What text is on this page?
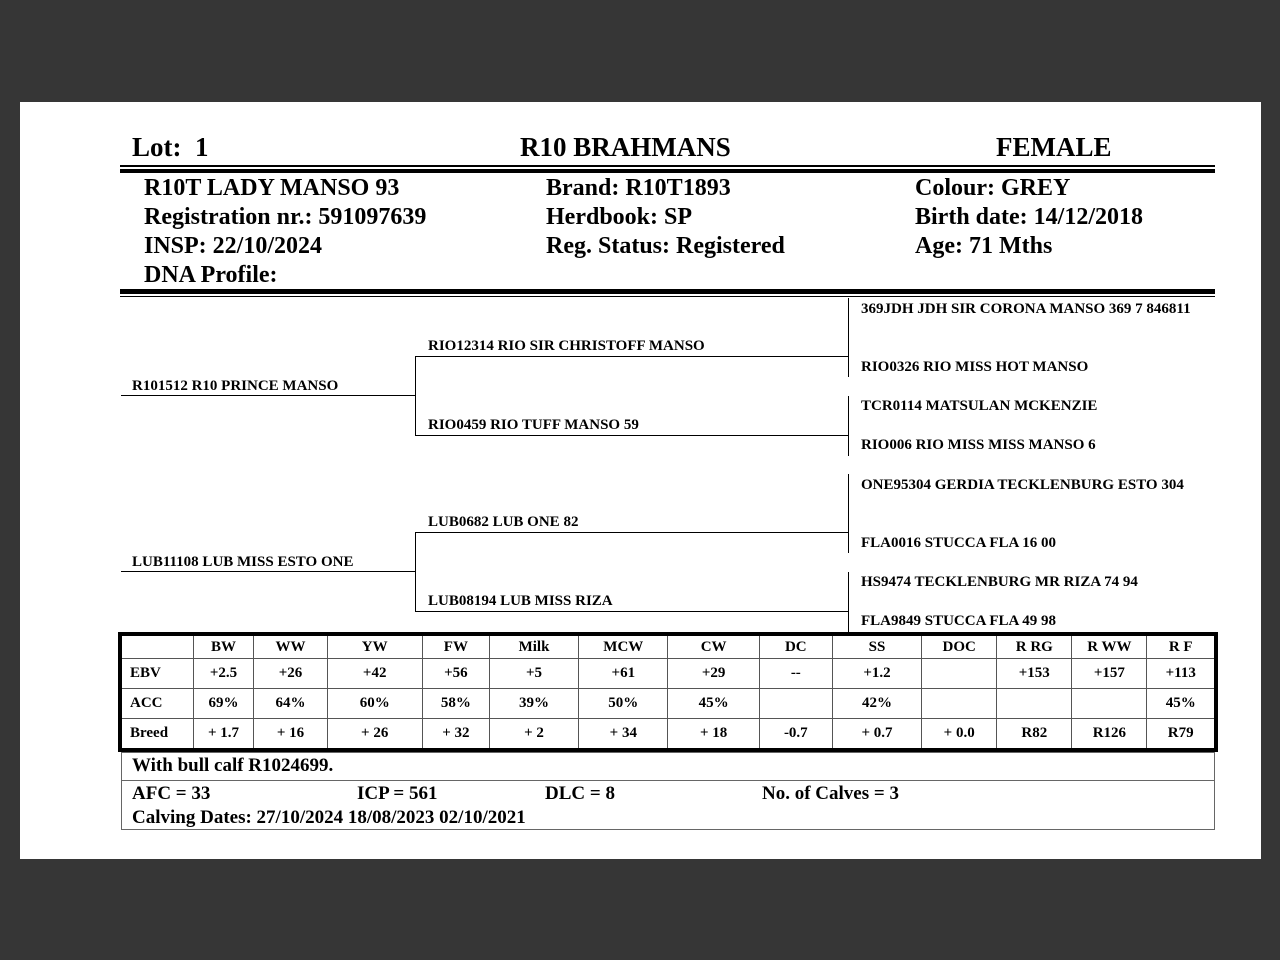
Lot: 1	R10 BRAHMANS	FEMALE
R10T LADY MANSO 93
Registration nr.: 591097639
INSP: 22/10/2024
DNA Profile:
Brand: R10T1893
Herdbook: SP
Reg. Status: Registered
Colour: GREY
Birth date: 14/12/2018
Age: 71 Mths
R101512 R10 PRINCE MANSO
LUB11108 LUB MISS ESTO ONE
RIO12314 RIO SIR CHRISTOFF MANSO
RIO0459 RIO TUFF MANSO 59
LUB0682 LUB ONE 82
LUB08194 LUB MISS RIZA
369JDH JDH SIR CORONA MANSO 369 7 846811
RIO0326 RIO MISS HOT MANSO
TCR0114 MATSULAN MCKENZIE
RIO006 RIO MISS MISS MANSO 6
ONE95304 GERDIA TECKLENBURG ESTO 304
FLA0016 STUCCA FLA 16 00
HS9474 TECKLENBURG MR RIZA 74 94
FLA9849 STUCCA FLA 49 98
	BW	WW	YW	FW	Milk	MCW	CW	DC	SS	DOC	R RG	R WW	R F
EBV	+2.5	+26	+42	+56	+5	+61	+29	--	+1.2		+153	+157	+113
ACC	69%	64%	60%	58%	39%	50%	45%		42%				45%
Breed	+ 1.7	+ 16	+ 26	+ 32	+ 2	+ 34	+ 18	-0.7	+ 0.7	+ 0.0	R82	R126	R79
With bull calf R1024699.
AFC = 33	ICP = 561	DLC = 8	No. of Calves = 3
Calving Dates: 27/10/2024 18/08/2023 02/10/2021
